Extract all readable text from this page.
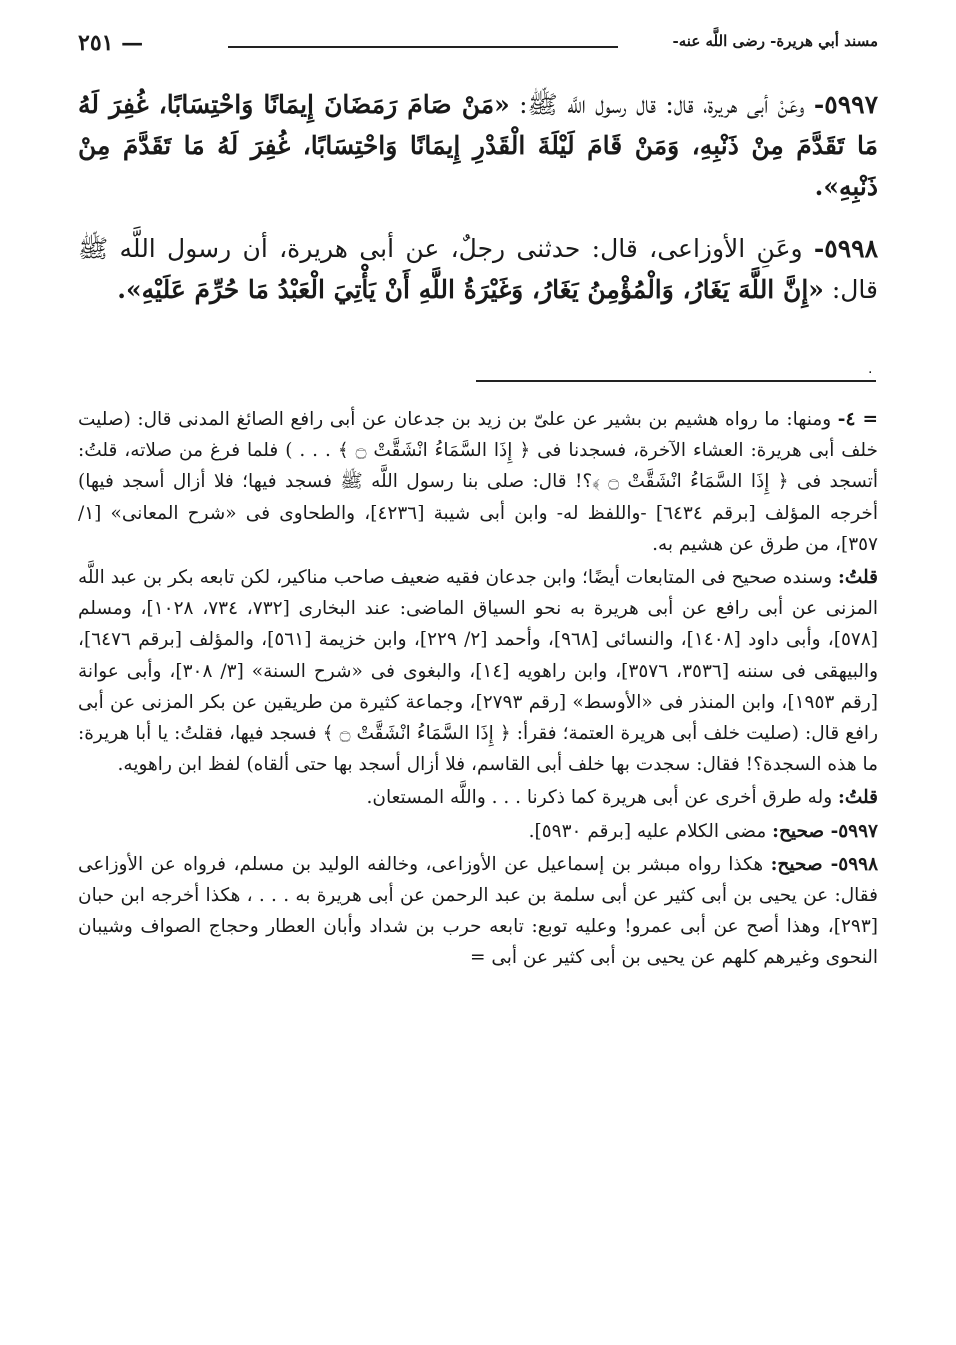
مسند أبي هريرة- رضى اللَّه عنه-
— ٢٥١

٥٩٩٧- وعَنْ أبى هريرة، قال: قال رسول اللَّه ﷺ: «مَنْ صَامَ رَمَضَانَ إِيمَانًا وَاحْتِسَابًا، غُفِرَ لَهُ مَا تَقَدَّمَ مِنْ ذَنْبِهِ، وَمَنْ قَامَ لَيْلَةَ الْقَدْرِ إِيمَانًا وَاحْتِسَابًا، غُفِرَ لَهُ مَا تَقَدَّمَ مِنْ ذَنْبِهِ».

٥٩٩٨- وعَنِ الأوزاعى، قال: حدثنى رجلٌ، عن أبى هريرة، أن رسول اللَّه ﷺ قال: «إِنَّ اللَّهَ يَغَارُ، وَالْمُؤْمِنُ يَغَارُ، وَغَيْرَةُ اللَّهِ أَنْ يَأْتِيَ الْعَبْدُ مَا حُرِّمَ عَلَيْهِ».

٠

= ٤- ومنها: ما رواه هشيم بن بشير عن علىّ بن زيد بن جدعان عن أبى رافع الصائغ المدنى قال: (صليت خلف أبى هريرة: العشاء الآخرة، فسجدنا فى ﴿ إِذَا السَّمَاءُ انْشَقَّتْ ۝ ﴾ . . . ) فلما فرغ من صلاته، قلتُ: أتسجد فى ﴿ إِذَا السَّمَاءُ انْشَقَّتْ ۝ ﴾؟! قال: صلى بنا رسول اللَّه ﷺ فسجد فيها؛ فلا أزال أسجد فيها) أخرجه المؤلف [برقم ٦٤٣٤] -واللفظ له- وابن أبى شيبة [٤٢٣٦]، والطحاوى فى «شرح المعانى» [١/ ٣٥٧]، من طرق عن هشيم به.

قلتُ: وسنده صحيح فى المتابعات أيضًا؛ وابن جدعان فقيه ضعيف صاحب مناكير، لكن تابعه بكر بن عبد اللَّه المزنى عن أبى رافع عن أبى هريرة به نحو السياق الماضى: عند البخارى [٧٣٢، ٧٣٤، ١٠٢٨]، ومسلم [٥٧٨]، وأبى داود [١٤٠٨]، والنسائى [٩٦٨]، وأحمد [٢/ ٢٢٩]، وابن خزيمة [٥٦١]، والمؤلف [برقم ٦٤٧٦]، والبيهقى فى سننه [٣٥٣٦، ٣٥٧٦]، وابن راهويه [١٤]، والبغوى فى «شرح السنة» [٣/ ٣٠٨]، وأبى عوانة [رقم ١٩٥٣]، وابن المنذر فى «الأوسط» [رقم ٢٧٩٣]، وجماعة كثيرة من طريقين عن بكر المزنى عن أبى رافع قال: (صليت خلف أبى هريرة العتمة؛ فقرأ: ﴿ إِذَا السَّمَاءُ انْشَقَّتْ ۝ ﴾ فسجد فيها، فقلتُ: يا أبا هريرة: ما هذه السجدة؟! فقال: سجدت بها خلف أبى القاسم، فلا أزال أسجد بها حتى ألقاه) لفظ ابن راهويه.

قلتُ: وله طرق أخرى عن أبى هريرة كما ذكرنا . . . واللَّه المستعان.

٥٩٩٧- صحيح: مضى الكلام عليه [برقم ٥٩٣٠].

٥٩٩٨- صحيح: هكذا رواه مبشر بن إسماعيل عن الأوزاعى، وخالفه الوليد بن مسلم، فرواه عن الأوزاعى فقال: عن يحيى بن أبى كثير عن أبى سلمة بن عبد الرحمن عن أبى هريرة به . . . ، هكذا أخرجه ابن حبان [٢٩٣]، وهذا أصح عن أبى عمرو! وعليه توبع: تابعه حرب بن شداد وأبان العطار وحجاج الصواف وشيبان النحوى وغيرهم كلهم عن يحيى بن أبى كثير عن أبى =
